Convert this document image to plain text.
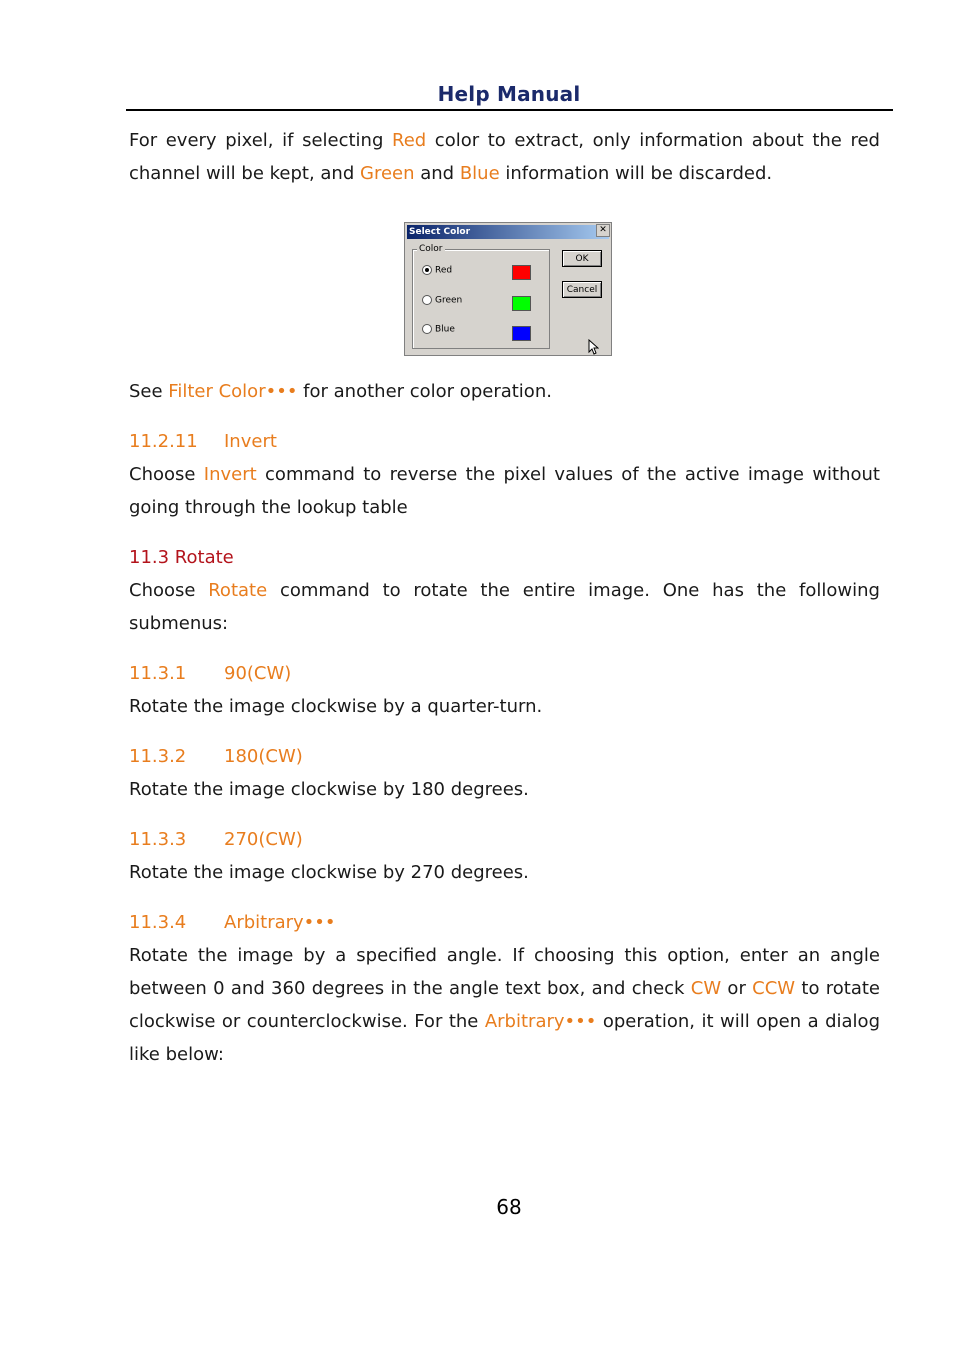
Help Manual

For every pixel, if selecting Red color to extract, only information about the red channel will be kept, and Green and Blue information will be discarded.

Select Color	✕
Color
Red
Green
Blue
OK
Cancel

See Filter Color••• for another color operation.

11.2.11 Invert

Choose Invert command to reverse the pixel values of the active image without going through the lookup table

11.3 Rotate

Choose Rotate command to rotate the entire image. One has the following submenus:

11.3.1 90(CW)

Rotate the image clockwise by a quarter-turn.

11.3.2 180(CW)

Rotate the image clockwise by 180 degrees.

11.3.3 270(CW)

Rotate the image clockwise by 270 degrees.

11.3.4 Arbitrary•••

Rotate the image by a specified angle. If choosing this option, enter an angle between 0 and 360 degrees in the angle text box, and check CW or CCW to rotate clockwise or counterclockwise. For the Arbitrary••• operation, it will open a dialog like below:

68
